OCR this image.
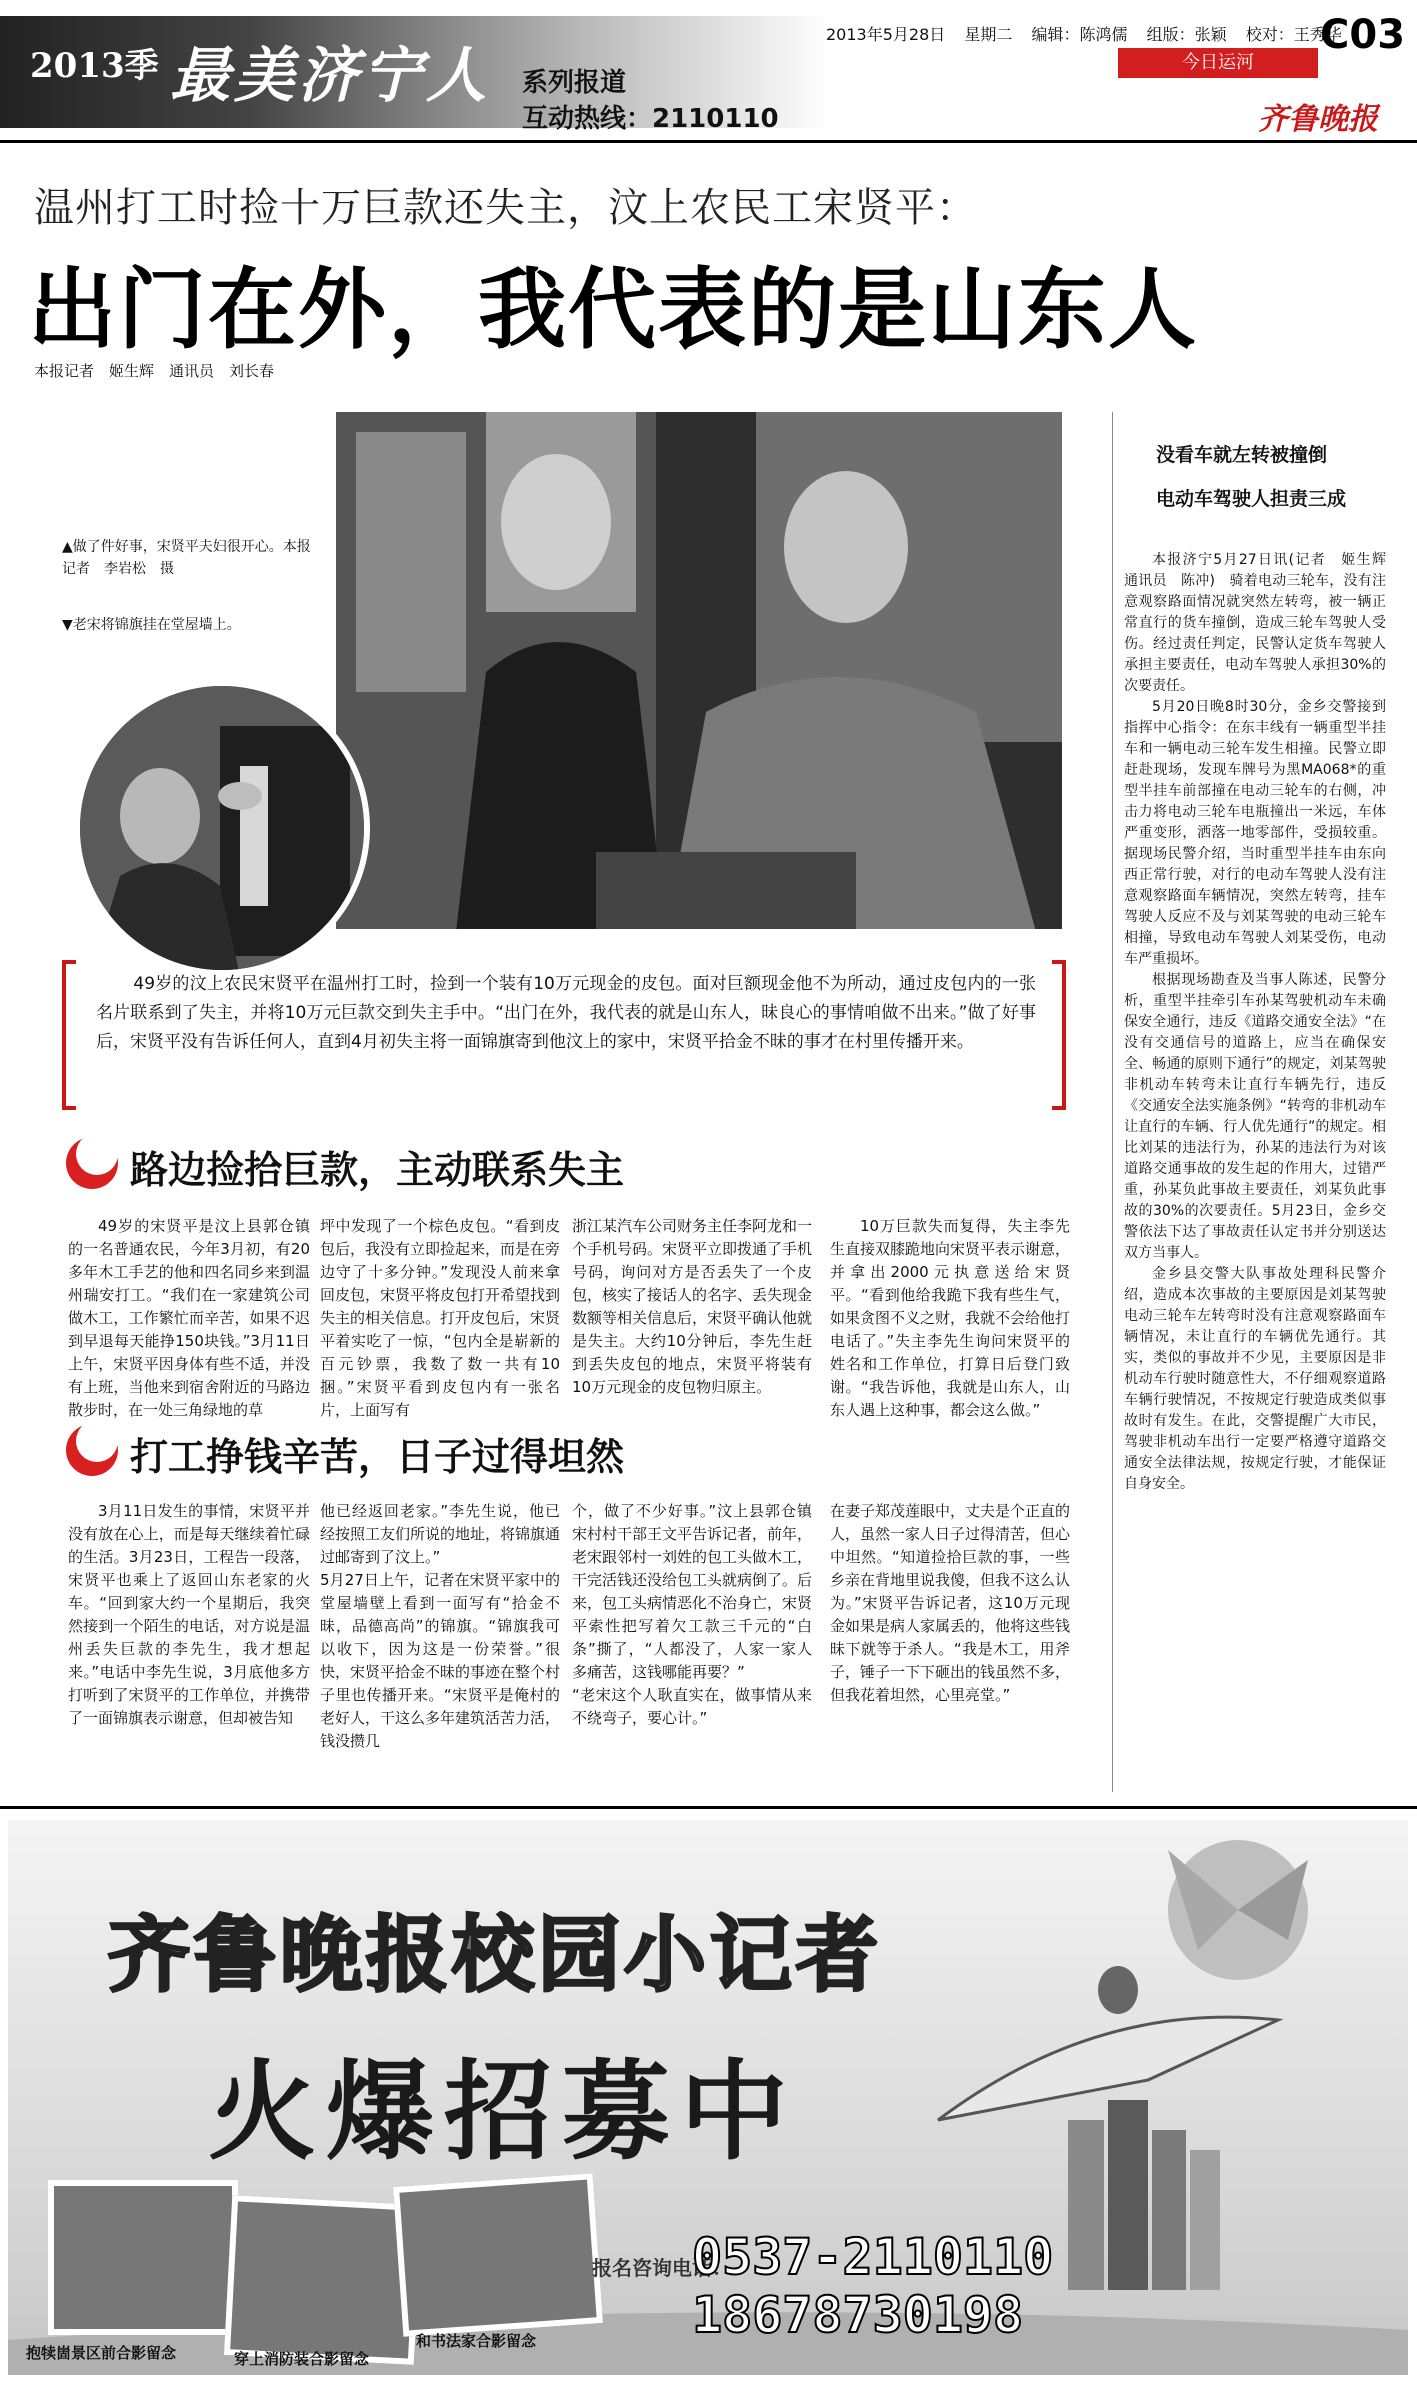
2013季 最美济宁人 系列报道
互动热线：2110110
2013年5月28日 星期二 编辑：陈鸿儒 组版：张颖 校对：王秀华
C03
今日运河
齐鲁晚报
温州打工时捡十万巨款还失主，汶上农民工宋贤平：
出门在外，我代表的是山东人
本报记者　姬生辉　通讯员　刘长春
▲做了件好事，宋贤平夫妇很开心。本报记者　李岩松　摄
▼老宋将锦旗挂在堂屋墙上。
49岁的汶上农民宋贤平在温州打工时，捡到一个装有10万元现金的皮包。面对巨额现金他不为所动，通过皮包内的一张名片联系到了失主，并将10万元巨款交到失主手中。“出门在外，我代表的就是山东人，昧良心的事情咱做不出来。”做了好事后，宋贤平没有告诉任何人，直到4月初失主将一面锦旗寄到他汶上的家中，宋贤平拾金不昧的事才在村里传播开来。
路边捡拾巨款，主动联系失主

49岁的宋贤平是汶上县郭仓镇的一名普通农民，今年3月初，有20多年木工手艺的他和四名同乡来到温州瑞安打工。“我们在一家建筑公司做木工，工作繁忙而辛苦，如果不迟到早退每天能挣150块钱。”3月11日上午，宋贤平因身体有些不适，并没有上班，当他来到宿舍附近的马路边散步时，在一处三角绿地的草

坪中发现了一个棕色皮包。“看到皮包后，我没有立即捡起来，而是在旁边守了十多分钟。”发现没人前来拿回皮包，宋贤平将皮包打开希望找到失主的相关信息。打开皮包后，宋贤平着实吃了一惊，“包内全是崭新的百元钞票，我数了数一共有10捆。”宋贤平看到皮包内有一张名片，上面写有

浙江某汽车公司财务主任李阿龙和一个手机号码。宋贤平立即拨通了手机号码，询问对方是否丢失了一个皮包，核实了接话人的名字、丢失现金数额等相关信息后，宋贤平确认他就是失主。大约10分钟后，李先生赶到丢失皮包的地点，宋贤平将装有10万元现金的皮包物归原主。

10万巨款失而复得，失主李先生直接双膝跪地向宋贤平表示谢意，并拿出2000元执意送给宋贤平。“看到他给我跪下我有些生气，如果贪图不义之财，我就不会给他打电话了。”失主李先生询问宋贤平的姓名和工作单位，打算日后登门致谢。“我告诉他，我就是山东人，山东人遇上这种事，都会这么做。”

打工挣钱辛苦，日子过得坦然

3月11日发生的事情，宋贤平并没有放在心上，而是每天继续着忙碌的生活。3月23日，工程告一段落，宋贤平也乘上了返回山东老家的火车。“回到家大约一个星期后，我突然接到一个陌生的电话，对方说是温州丢失巨款的李先生，我才想起来。”电话中李先生说，3月底他多方打听到了宋贤平的工作单位，并携带了一面锦旗表示谢意，但却被告知

他已经返回老家。”李先生说，他已经按照工友们所说的地址，将锦旗通过邮寄到了汶上。”
5月27日上午，记者在宋贤平家中的堂屋墙壁上看到一面写有“拾金不昧，品德高尚”的锦旗。“锦旗我可以收下，因为这是一份荣誉。”很快，宋贤平拾金不昧的事迹在整个村子里也传播开来。“宋贤平是俺村的老好人，干这么多年建筑活苦力活，钱没攒几

个，做了不少好事。”汶上县郭仓镇宋村村干部王文平告诉记者，前年，老宋跟邻村一刘姓的包工头做木工，干完活钱还没给包工头就病倒了。后来，包工头病情恶化不治身亡，宋贤平索性把写着欠工款三千元的“白条”撕了，“人都没了，人家一家人多痛苦，这钱哪能再要？”
“老宋这个人耿直实在，做事情从来不绕弯子，要心计。”

在妻子郑茂莲眼中，丈夫是个正直的人，虽然一家人日子过得清苦，但心中坦然。“知道捡拾巨款的事，一些乡亲在背地里说我傻，但我不这么认为。”宋贤平告诉记者，这10万元现金如果是病人家属丢的，他将这些钱昧下就等于杀人。“我是木工，用斧子，锤子一下下砸出的钱虽然不多，但我花着坦然，心里亮堂。”

没看车就左转被撞倒
电动车驾驶人担责三成

本报济宁5月27日讯(记者　姬生辉　通讯员　陈冲)　骑着电动三轮车，没有注意观察路面情况就突然左转弯，被一辆正常直行的货车撞倒，造成三轮车驾驶人受伤。经过责任判定，民警认定货车驾驶人承担主要责任，电动车驾驶人承担30%的次要责任。

5月20日晚8时30分，金乡交警接到指挥中心指令：在东丰线有一辆重型半挂车和一辆电动三轮车发生相撞。民警立即赶赴现场，发现车牌号为黑MA068*的重型半挂车前部撞在电动三轮车的右侧，冲击力将电动三轮车电瓶撞出一米远，车体严重变形，洒落一地零部件，受损较重。据现场民警介绍，当时重型半挂车由东向西正常行驶，对行的电动车驾驶人没有注意观察路面车辆情况，突然左转弯，挂车驾驶人反应不及与刘某驾驶的电动三轮车相撞，导致电动车驾驶人刘某受伤，电动车严重损坏。

根据现场勘查及当事人陈述，民警分析，重型半挂牵引车孙某驾驶机动车未确保安全通行，违反《道路交通安全法》“在没有交通信号的道路上，应当在确保安全、畅通的原则下通行”的规定，刘某驾驶非机动车转弯未让直行车辆先行，违反《交通安全法实施条例》“转弯的非机动车让直行的车辆、行人优先通行”的规定。相比刘某的违法行为，孙某的违法行为对该道路交通事故的发生起的作用大，过错严重，孙某负此事故主要责任，刘某负此事故的30%的次要责任。5月23日，金乡交警依法下达了事故责任认定书并分别送达双方当事人。

金乡县交警大队事故处理科民警介绍，造成本次事故的主要原因是刘某驾驶电动三轮车左转弯时没有注意观察路面车辆情况，未让直行的车辆优先通行。其实，类似的事故并不少见，主要原因是非机动车行驶时随意性大，不仔细观察道路车辆行驶情况，不按规定行驶造成类似事故时有发生。在此，交警提醒广大市民，驾驶非机动车出行一定要严格遵守道路交通安全法律法规，按规定行驶，才能保证自身安全。

齐鲁晚报校园小记者
火爆招募中
抱犊崮景区前合影留念	穿上消防装合影留念
和书法家合影留念
报名咨询电话：
0537-2110110
18678730198
